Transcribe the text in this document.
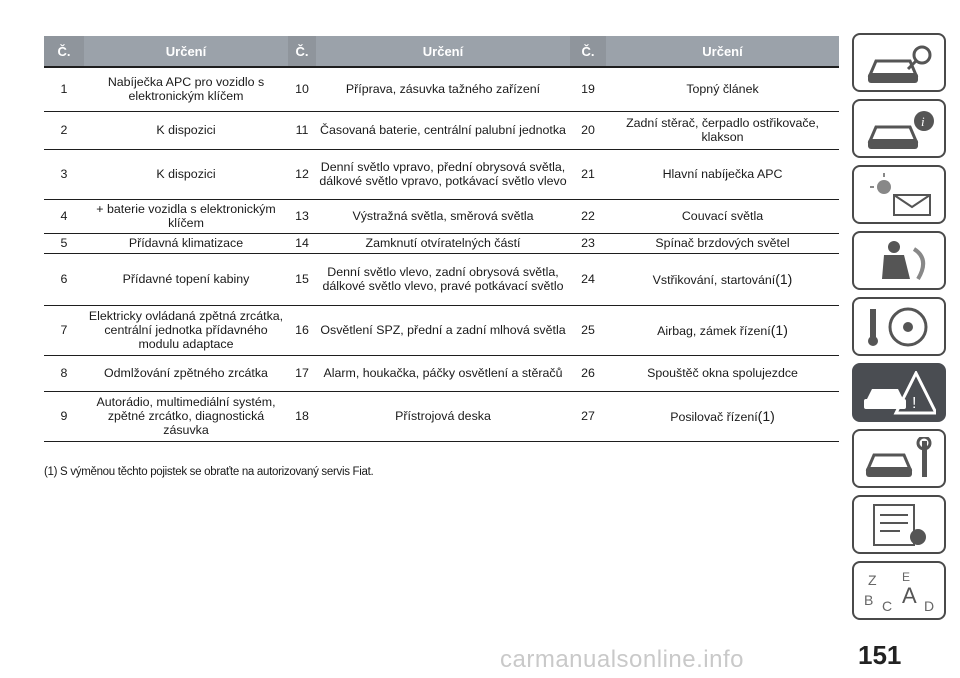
Č.	Určení	Č.	Určení	Č.	Určení
1	Nabíječka APC pro vozidlo s elektronickým klíčem	10	Příprava, zásuvka tažného zařízení	19	Topný článek
2	K dispozici	11	Časovaná baterie, centrální palubní jednotka	20	Zadní stěrač, čerpadlo ostřikovače, klakson
3	K dispozici	12	Denní světlo vpravo, přední obrysová světla, dálkové světlo vpravo, potkávací světlo vlevo	21	Hlavní nabíječka APC
4	+ baterie vozidla s elektronickým klíčem	13	Výstražná světla, směrová světla	22	Couvací světla
5	Přídavná klimatizace	14	Zamknutí otvíratelných částí	23	Spínač brzdových světel
6	Přídavné topení kabiny	15	Denní světlo vlevo, zadní obrysová světla, dálkové světlo vlevo, pravé potkávací světlo	24	Vstřikování, startování(1)
7	Elektricky ovládaná zpětná zrcátka, centrální jednotka přídavného modulu adaptace	16	Osvětlení SPZ, přední a zadní mlhová světla	25	Airbag, zámek řízení(1)
8	Odmlžování zpětného zrcátka	17	Alarm, houkačka, páčky osvětlení a stěračů	26	Spouštěč okna spolujezdce
9	Autorádio, multimediální systém, zpětné zrcátko, diagnostická zásuvka	18	Přístrojová deska	27	Posilovač řízení(1)
(1) S výměnou těchto pojistek se obraťte na autorizovaný servis Fiat.
i
!
Z E
B C A D
carmanualsonline.info	151
